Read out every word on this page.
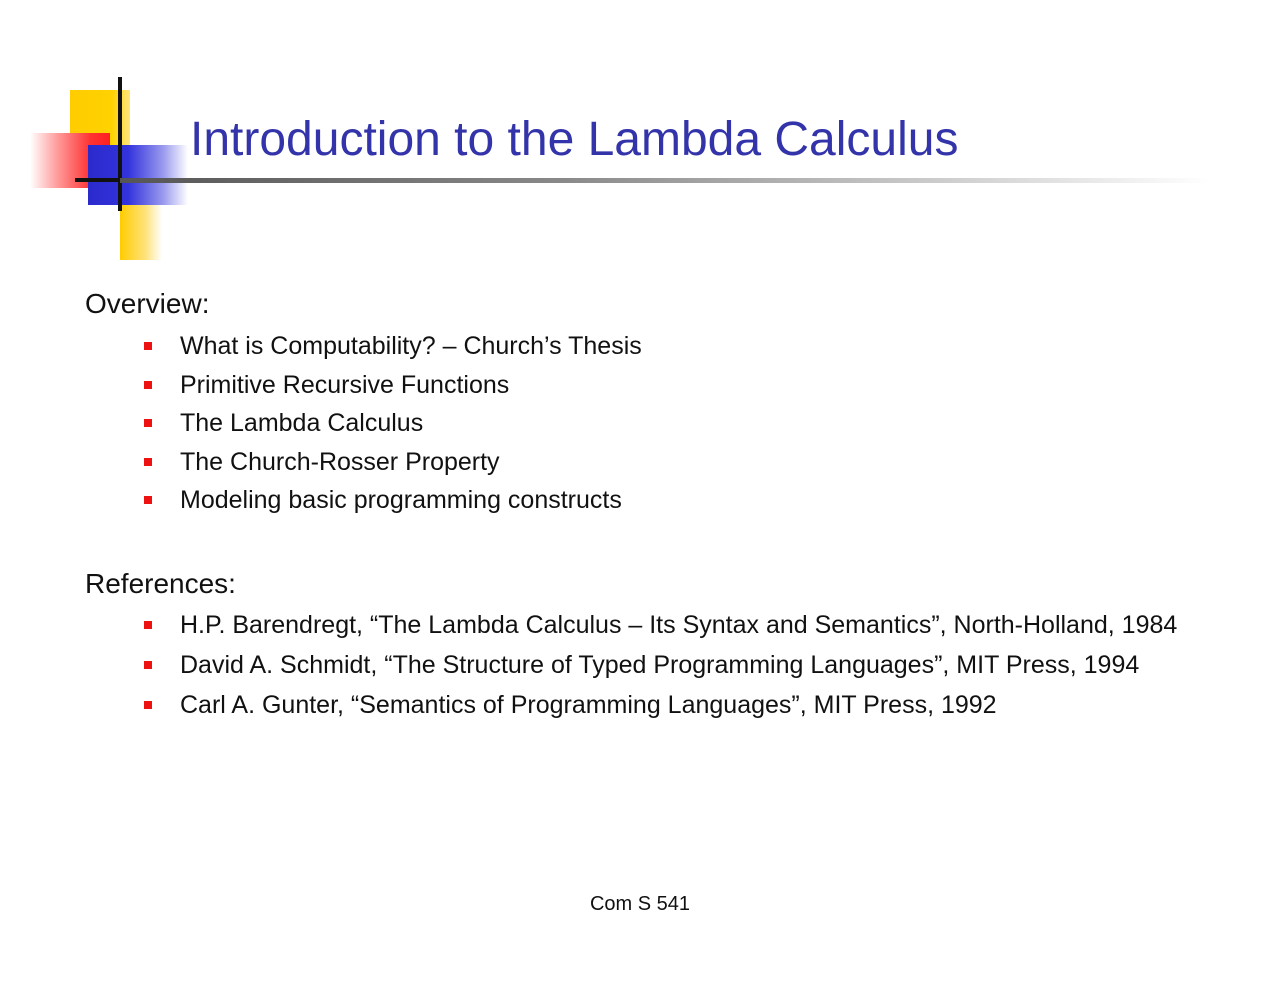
Introduction to the Lambda Calculus
Overview:
What is Computability? – Church’s Thesis
Primitive Recursive Functions
The Lambda Calculus
The Church-Rosser Property
Modeling basic programming constructs
References:
H.P. Barendregt, “The Lambda Calculus – Its Syntax and Semantics”, North-Holland, 1984
David A. Schmidt, “The Structure of Typed Programming Languages”, MIT Press, 1994
Carl A. Gunter, “Semantics of Programming Languages”, MIT Press, 1992
Com S 541
